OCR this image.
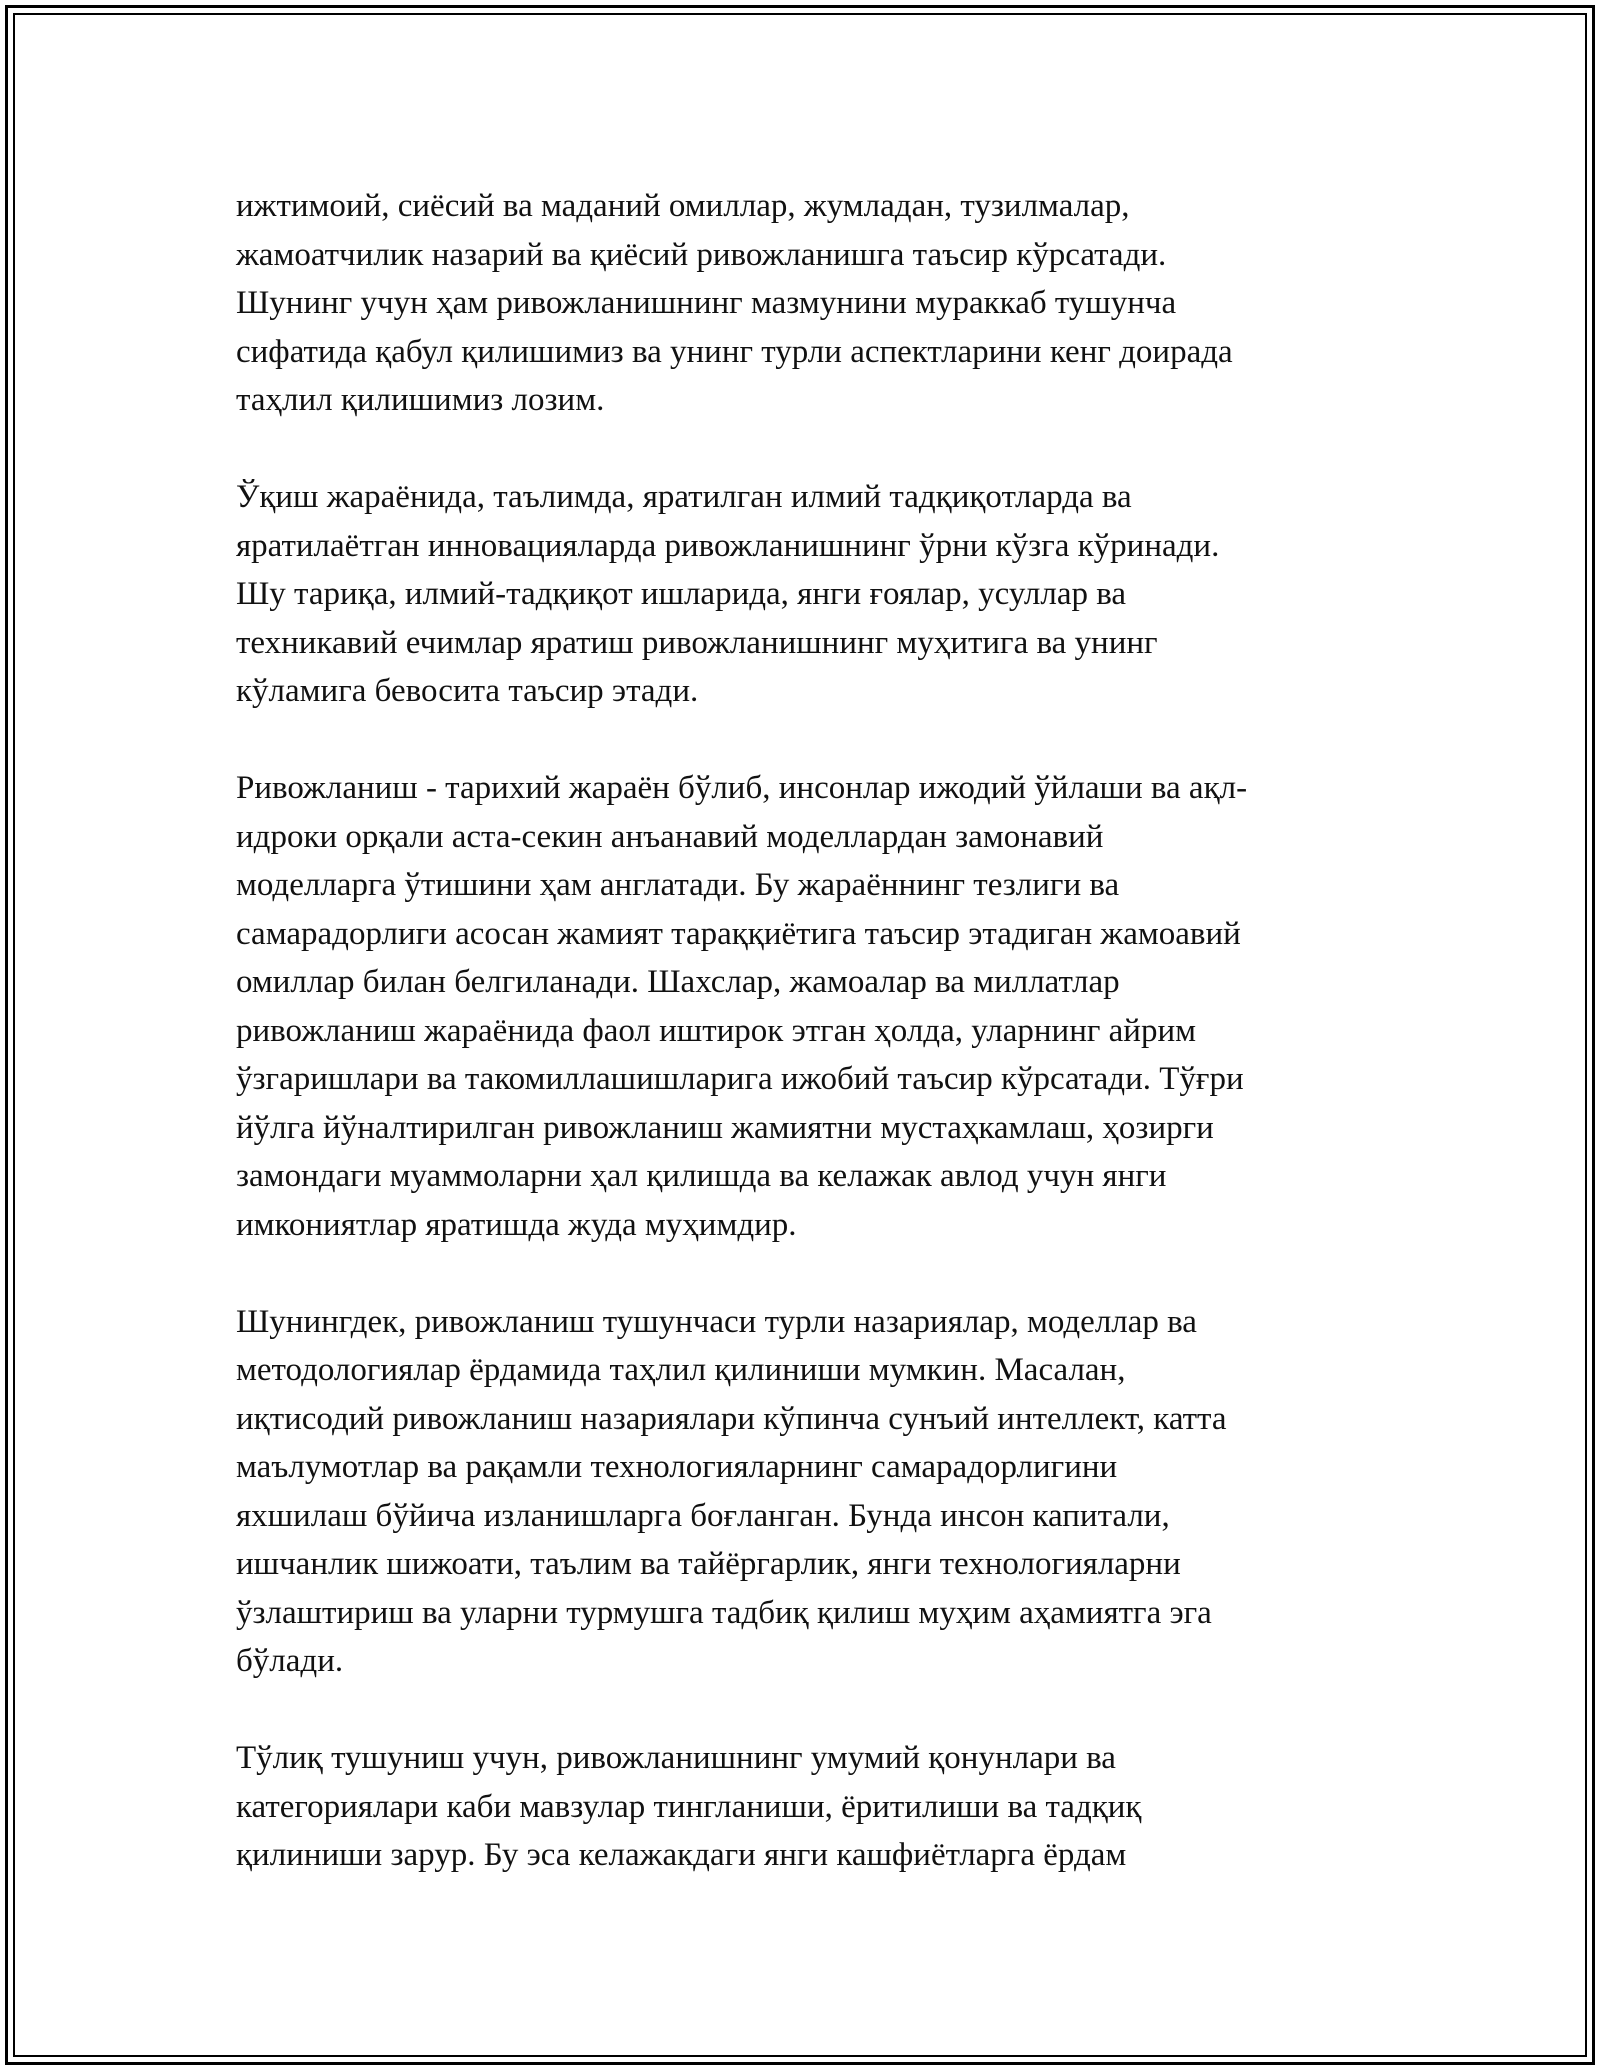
ижтимоий, сиёсий ва маданий омиллар, жумладан, тузилмалар,
жамоатчилик назарий ва қиёсий ривожланишга таъсир кўрсатади.
Шунинг учун ҳам ривожланишнинг мазмунини мураккаб тушунча
сифатида қабул қилишимиз ва унинг турли аспектларини кенг доирада
таҳлил қилишимиз лозим.
Ўқиш жараёнида, таълимда, яратилган илмий тадқиқотларда ва
яратилаётган инновацияларда ривожланишнинг ўрни кўзга кўринади.
Шу тариқа, илмий-тадқиқот ишларида, янги ғоялар, усуллар ва
техникавий ечимлар яратиш ривожланишнинг муҳитига ва унинг
кўламига бевосита таъсир этади.
Ривожланиш - тарихий жараён бўлиб, инсонлар ижодий ўйлаши ва ақл-
идроки орқали аста-секин анъанавий моделлардан замонавий
моделларга ўтишини ҳам англатади. Бу жараённинг тезлиги ва
самарадорлиги асосан жамият тараққиётига таъсир этадиган жамоавий
омиллар билан белгиланади. Шахслар, жамоалар ва миллатлар
ривожланиш жараёнида фаол иштирок этган ҳолда, уларнинг айрим
ўзгаришлари ва такомиллашишларига ижобий таъсир кўрсатади. Тўғри
йўлга йўналтирилган ривожланиш жамиятни мустаҳкамлаш, ҳозирги
замондаги муаммоларни ҳал қилишда ва келажак авлод учун янги
имкониятлар яратишда жуда муҳимдир.
Шунингдек, ривожланиш тушунчаси турли назариялар, моделлар ва
методологиялар ёрдамида таҳлил қилиниши мумкин. Масалан,
иқтисодий ривожланиш назариялари кўпинча сунъий интеллект, катта
маълумотлар ва рақамли технологияларнинг самарадорлигини
яхшилаш бўйича изланишларга боғланган. Бунда инсон капитали,
ишчанлик шижоати, таълим ва тайёргарлик, янги технологияларни
ўзлаштириш ва уларни турмушга тадбиқ қилиш муҳим аҳамиятга эга
бўлади.
Тўлиқ тушуниш учун, ривожланишнинг умумий қонунлари ва
категориялари каби мавзулар тингланиши, ёритилиши ва тадқиқ
қилиниши зарур. Бу эса келажакдаги янги кашфиётларга ёрдам
